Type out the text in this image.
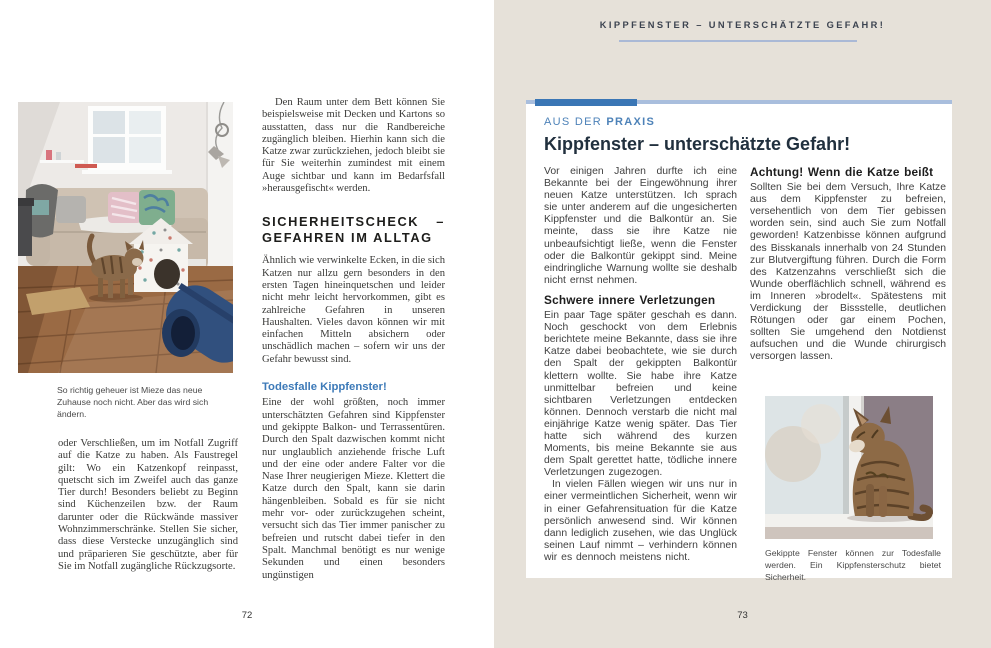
So richtig geheuer ist Mieze das neue Zuhause noch nicht. Aber das wird sich ändern.

oder Verschließen, um im Notfall Zugriff auf die Katze zu haben. Als Faustregel gilt: Wo ein Katzenkopf reinpasst, quetscht sich im Zweifel auch das ganze Tier durch! Besonders beliebt zu Beginn sind Küchenzeilen bzw. der Raum darunter oder die Rückwände massiver Wohnzimmerschränke. Stellen Sie sicher, dass diese Verstecke unzugänglich sind und präparieren Sie geschützte, aber für Sie im Notfall zugängliche Rückzugsorte.

Den Raum unter dem Bett können Sie beispielsweise mit Decken und Kartons so ausstatten, dass nur die Randbereiche zugänglich bleiben. Hierhin kann sich die Katze zwar zurückziehen, jedoch bleibt sie für Sie weiterhin zumindest mit einem Auge sichtbar und kann im Bedarfsfall »herausgefischt« werden.

SICHERHEITSCHECK – GEFAHREN IM ALLTAG

Ähnlich wie verwinkelte Ecken, in die sich Katzen nur allzu gern besonders in den ersten Tagen hineinquetschen und leider nicht mehr leicht hervorkommen, gibt es zahlreiche Gefahren in unseren Haushalten. Vieles davon können wir mit einfachen Mitteln absichern oder unschädlich machen – sofern wir uns der Gefahr bewusst sind.

Todesfalle Kippfenster!

Eine der wohl größten, noch immer unterschätzten Gefahren sind Kippfenster und gekippte Balkon- und Terrassentüren. Durch den Spalt dazwischen kommt nicht nur unglaublich anziehende frische Luft und der eine oder andere Falter vor die Nase Ihrer neugierigen Mieze. Klettert die Katze durch den Spalt, kann sie darin hängenbleiben. Sobald es für sie nicht mehr vor- oder zurückzugehen scheint, versucht sich das Tier immer panischer zu befreien und rutscht dabei tiefer in den Spalt. Manchmal benötigt es nur wenige Sekunden und einen besonders ungünstigen

72
KIPPFENSTER – UNTERSCHÄTZTE GEFAHR!
AUS DER PRAXIS
Kippfenster – unterschätzte Gefahr!

Vor einigen Jahren durfte ich eine Bekannte bei der Eingewöhnung ihrer neuen Katze unterstützen. Ich sprach sie unter anderem auf die ungesicherten Kippfenster und die Balkontür an. Sie meinte, dass sie ihre Katze nie unbeaufsichtigt ließe, wenn die Fenster oder die Balkontür gekippt sind. Meine eindringliche Warnung wollte sie deshalb nicht ernst nehmen.

Schwere innere Verletzungen

Ein paar Tage später geschah es dann. Noch geschockt von dem Erlebnis berichtete meine Bekannte, dass sie ihre Katze dabei beobachtete, wie sie durch den Spalt der gekippten Balkontür klettern wollte. Sie habe ihre Katze unmittelbar befreien und keine sichtbaren Verletzungen entdecken können. Dennoch verstarb die nicht mal einjährige Katze wenig später. Das Tier hatte sich während des kurzen Moments, bis meine Bekannte sie aus dem Spalt gerettet hatte, tödliche innere Verletzungen zugezogen.

In vielen Fällen wiegen wir uns nur in einer vermeintlichen Sicherheit, wenn wir in einer Gefahrensituation für die Katze persönlich anwesend sind. Wir können dann lediglich zusehen, wie das Unglück seinen Lauf nimmt – verhindern können wir es dennoch meistens nicht.

Achtung! Wenn die Katze beißt

Sollten Sie bei dem Versuch, Ihre Katze aus dem Kippfenster zu befreien, versehentlich von dem Tier gebissen worden sein, sind auch Sie zum Notfall geworden! Katzenbisse können aufgrund des Bisskanals innerhalb von 24 Stunden zur Blutvergiftung führen. Durch die Form des Katzenzahns verschließt sich die Wunde oberflächlich schnell, während es im Inneren »brodelt«. Spätestens mit Verdickung der Bissstelle, deutlichen Rötungen oder gar einem Pochen, sollten Sie umgehend den Notdienst aufsuchen und die Wunde chirurgisch versorgen lassen.

Gekippte Fenster können zur Todesfalle werden. Ein Kippfensterschutz bietet Sicherheit.
73
